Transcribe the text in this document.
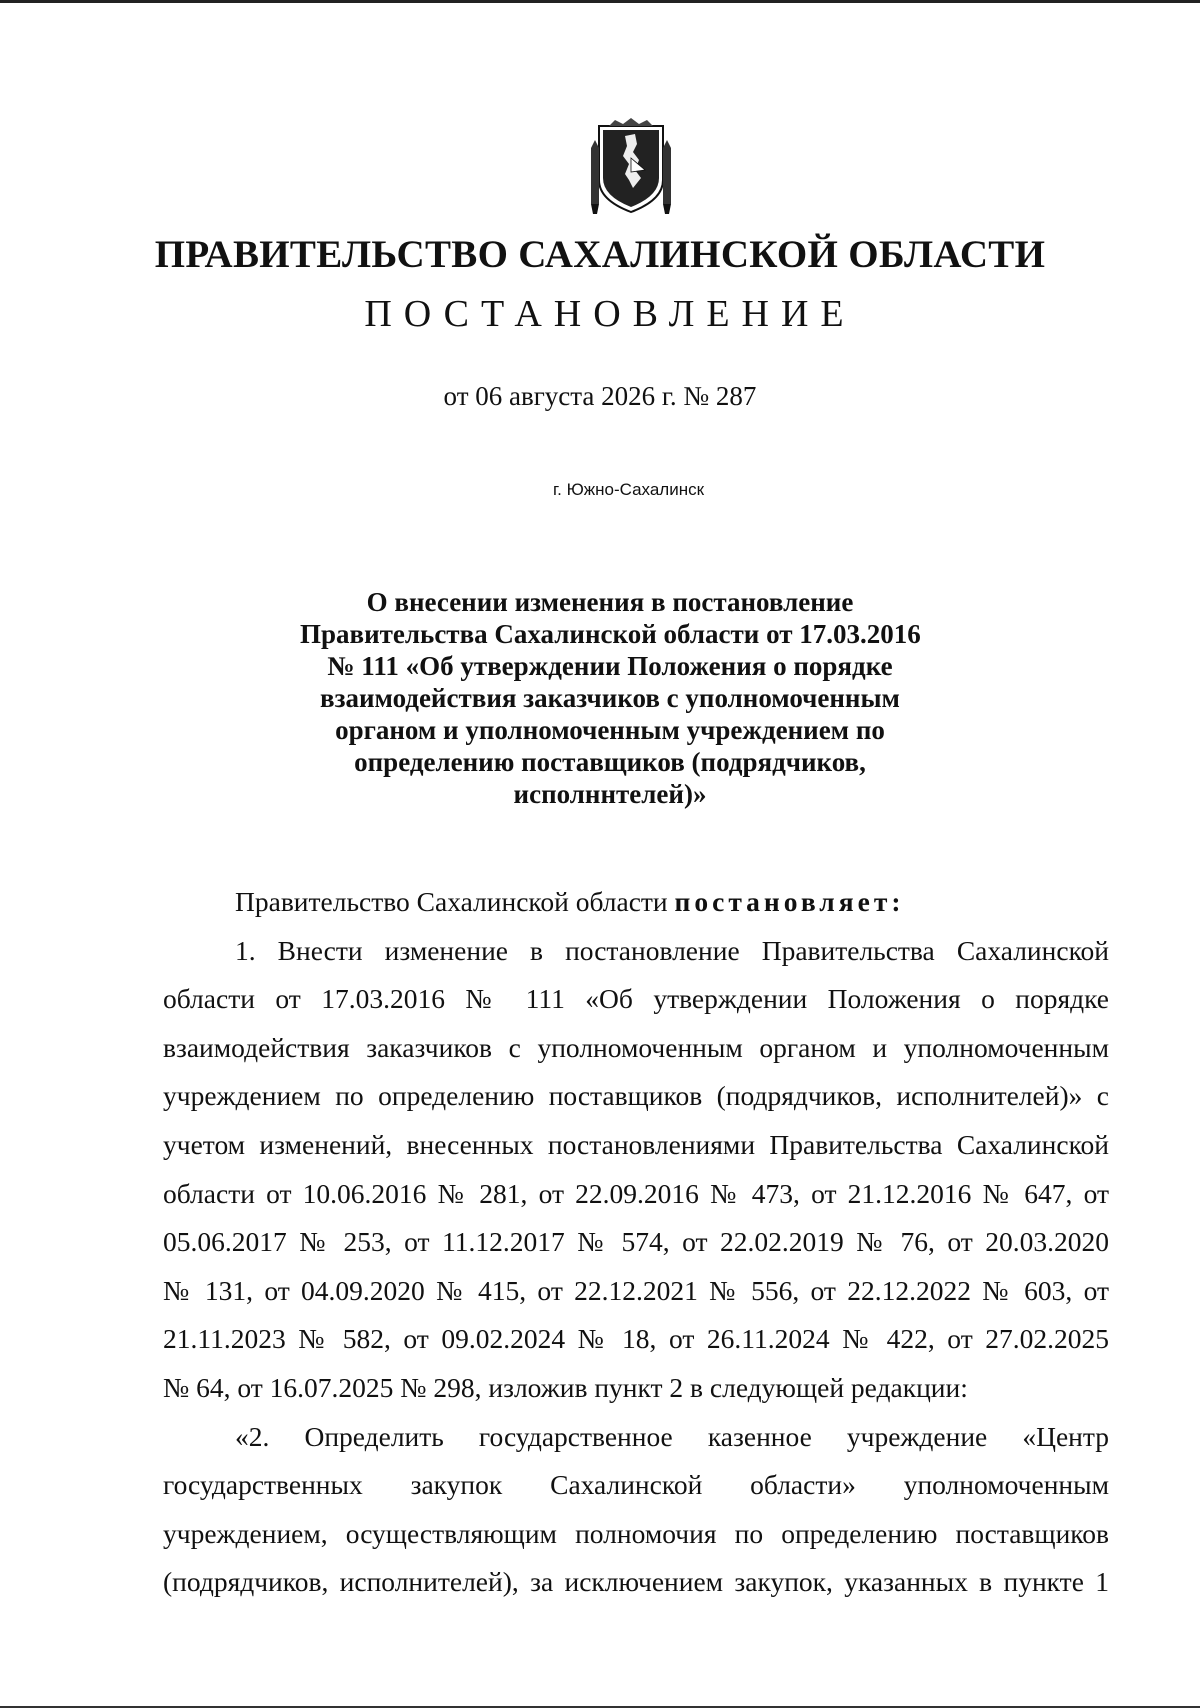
ПРАВИТЕЛЬСТВО САХАЛИНСКОЙ ОБЛАСТИ
ПОСТАНОВЛЕНИЕ
от 06 августа 2026 г. № 287
г. Южно-Сахалинск
О внесении изменения в постановление
Правительства Сахалинской области от 17.03.2016
№ 111 «Об утверждении Положения о порядке
взаимодействия заказчиков с уполномоченным
органом и уполномоченным учреждением по
определению поставщиков (подрядчиков,
исполннтелей)»
Правительство Сахалинской области постановляет:
1. Внести изменение в постановление Правительства Сахалинской
области от 17.03.2016 № 111 «Об утверждении Положения о порядке
взаимодействия заказчиков с уполномоченным органом и уполномоченным
учреждением по определению поставщиков (подрядчиков, исполнителей)» с
учетом изменений, внесенных постановлениями Правительства Сахалинской
области от 10.06.2016 № 281, от 22.09.2016 № 473, от 21.12.2016 № 647, от
05.06.2017 № 253, от 11.12.2017 № 574, от 22.02.2019 № 76, от 20.03.2020
№ 131, от 04.09.2020 № 415, от 22.12.2021 № 556, от 22.12.2022 № 603, от
21.11.2023 № 582, от 09.02.2024 № 18, от 26.11.2024 № 422, от 27.02.2025
№ 64, от 16.07.2025 № 298, изложив пункт 2 в следующей редакции:
«2. Определить государственное казенное учреждение «Центр
государственных закупок Сахалинской области» уполномоченным
учреждением, осуществляющим полномочия по определению поставщиков
(подрядчиков, исполнителей), за исключением закупок, указанных в пункте 1
